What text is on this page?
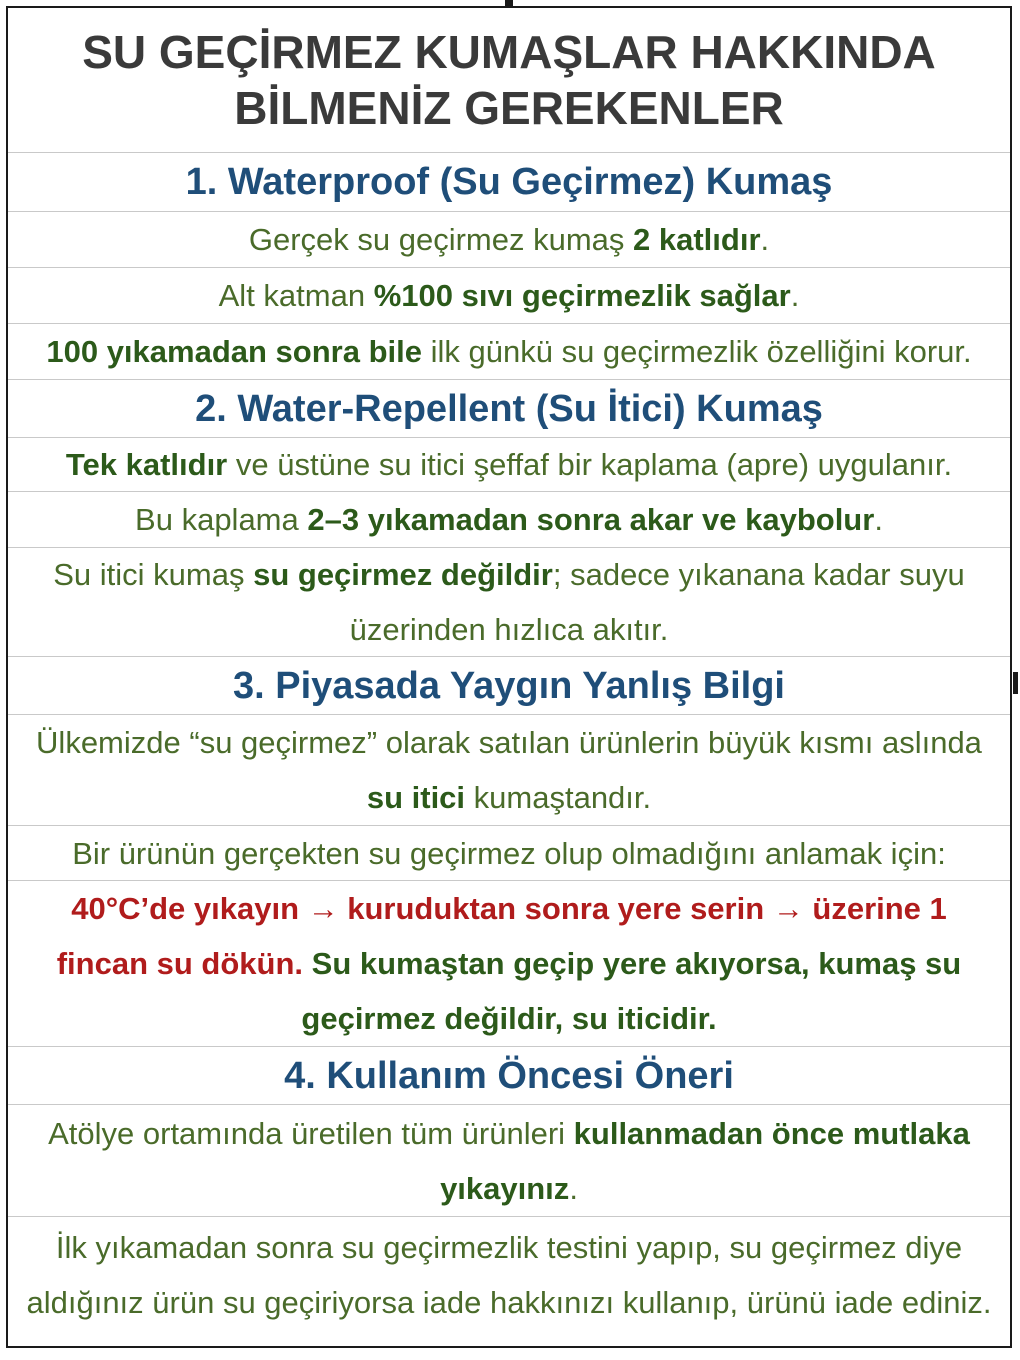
SU GEÇİRMEZ KUMAŞLAR HAKKINDA
BİLMENİZ GEREKENLER
1. Waterproof (Su Geçirmez) Kumaş
Gerçek su geçirmez kumaş 2 katlıdır.
Alt katman %100 sıvı geçirmezlik sağlar.
100 yıkamadan sonra bile ilk günkü su geçirmezlik özelliğini korur.
2. Water-Repellent (Su İtici) Kumaş
Tek katlıdır ve üstüne su itici şeffaf bir kaplama (apre) uygulanır.
Bu kaplama 2–3 yıkamadan sonra akar ve kaybolur.
Su itici kumaş su geçirmez değildir; sadece yıkanana kadar suyu
üzerinden hızlıca akıtır.
3. Piyasada Yaygın Yanlış Bilgi
Ülkemizde “su geçirmez” olarak satılan ürünlerin büyük kısmı aslında
su itici kumaştandır.
Bir ürünün gerçekten su geçirmez olup olmadığını anlamak için:
40°C’de yıkayın → kuruduktan sonra yere serin → üzerine 1
fincan su dökün. Su kumaştan geçip yere akıyorsa, kumaş su
geçirmez değildir, su iticidir.
4. Kullanım Öncesi Öneri
Atölye ortamında üretilen tüm ürünleri kullanmadan önce mutlaka
yıkayınız.
İlk yıkamadan sonra su geçirmezlik testini yapıp, su geçirmez diye
aldığınız ürün su geçiriyorsa iade hakkınızı kullanıp, ürünü iade ediniz.
